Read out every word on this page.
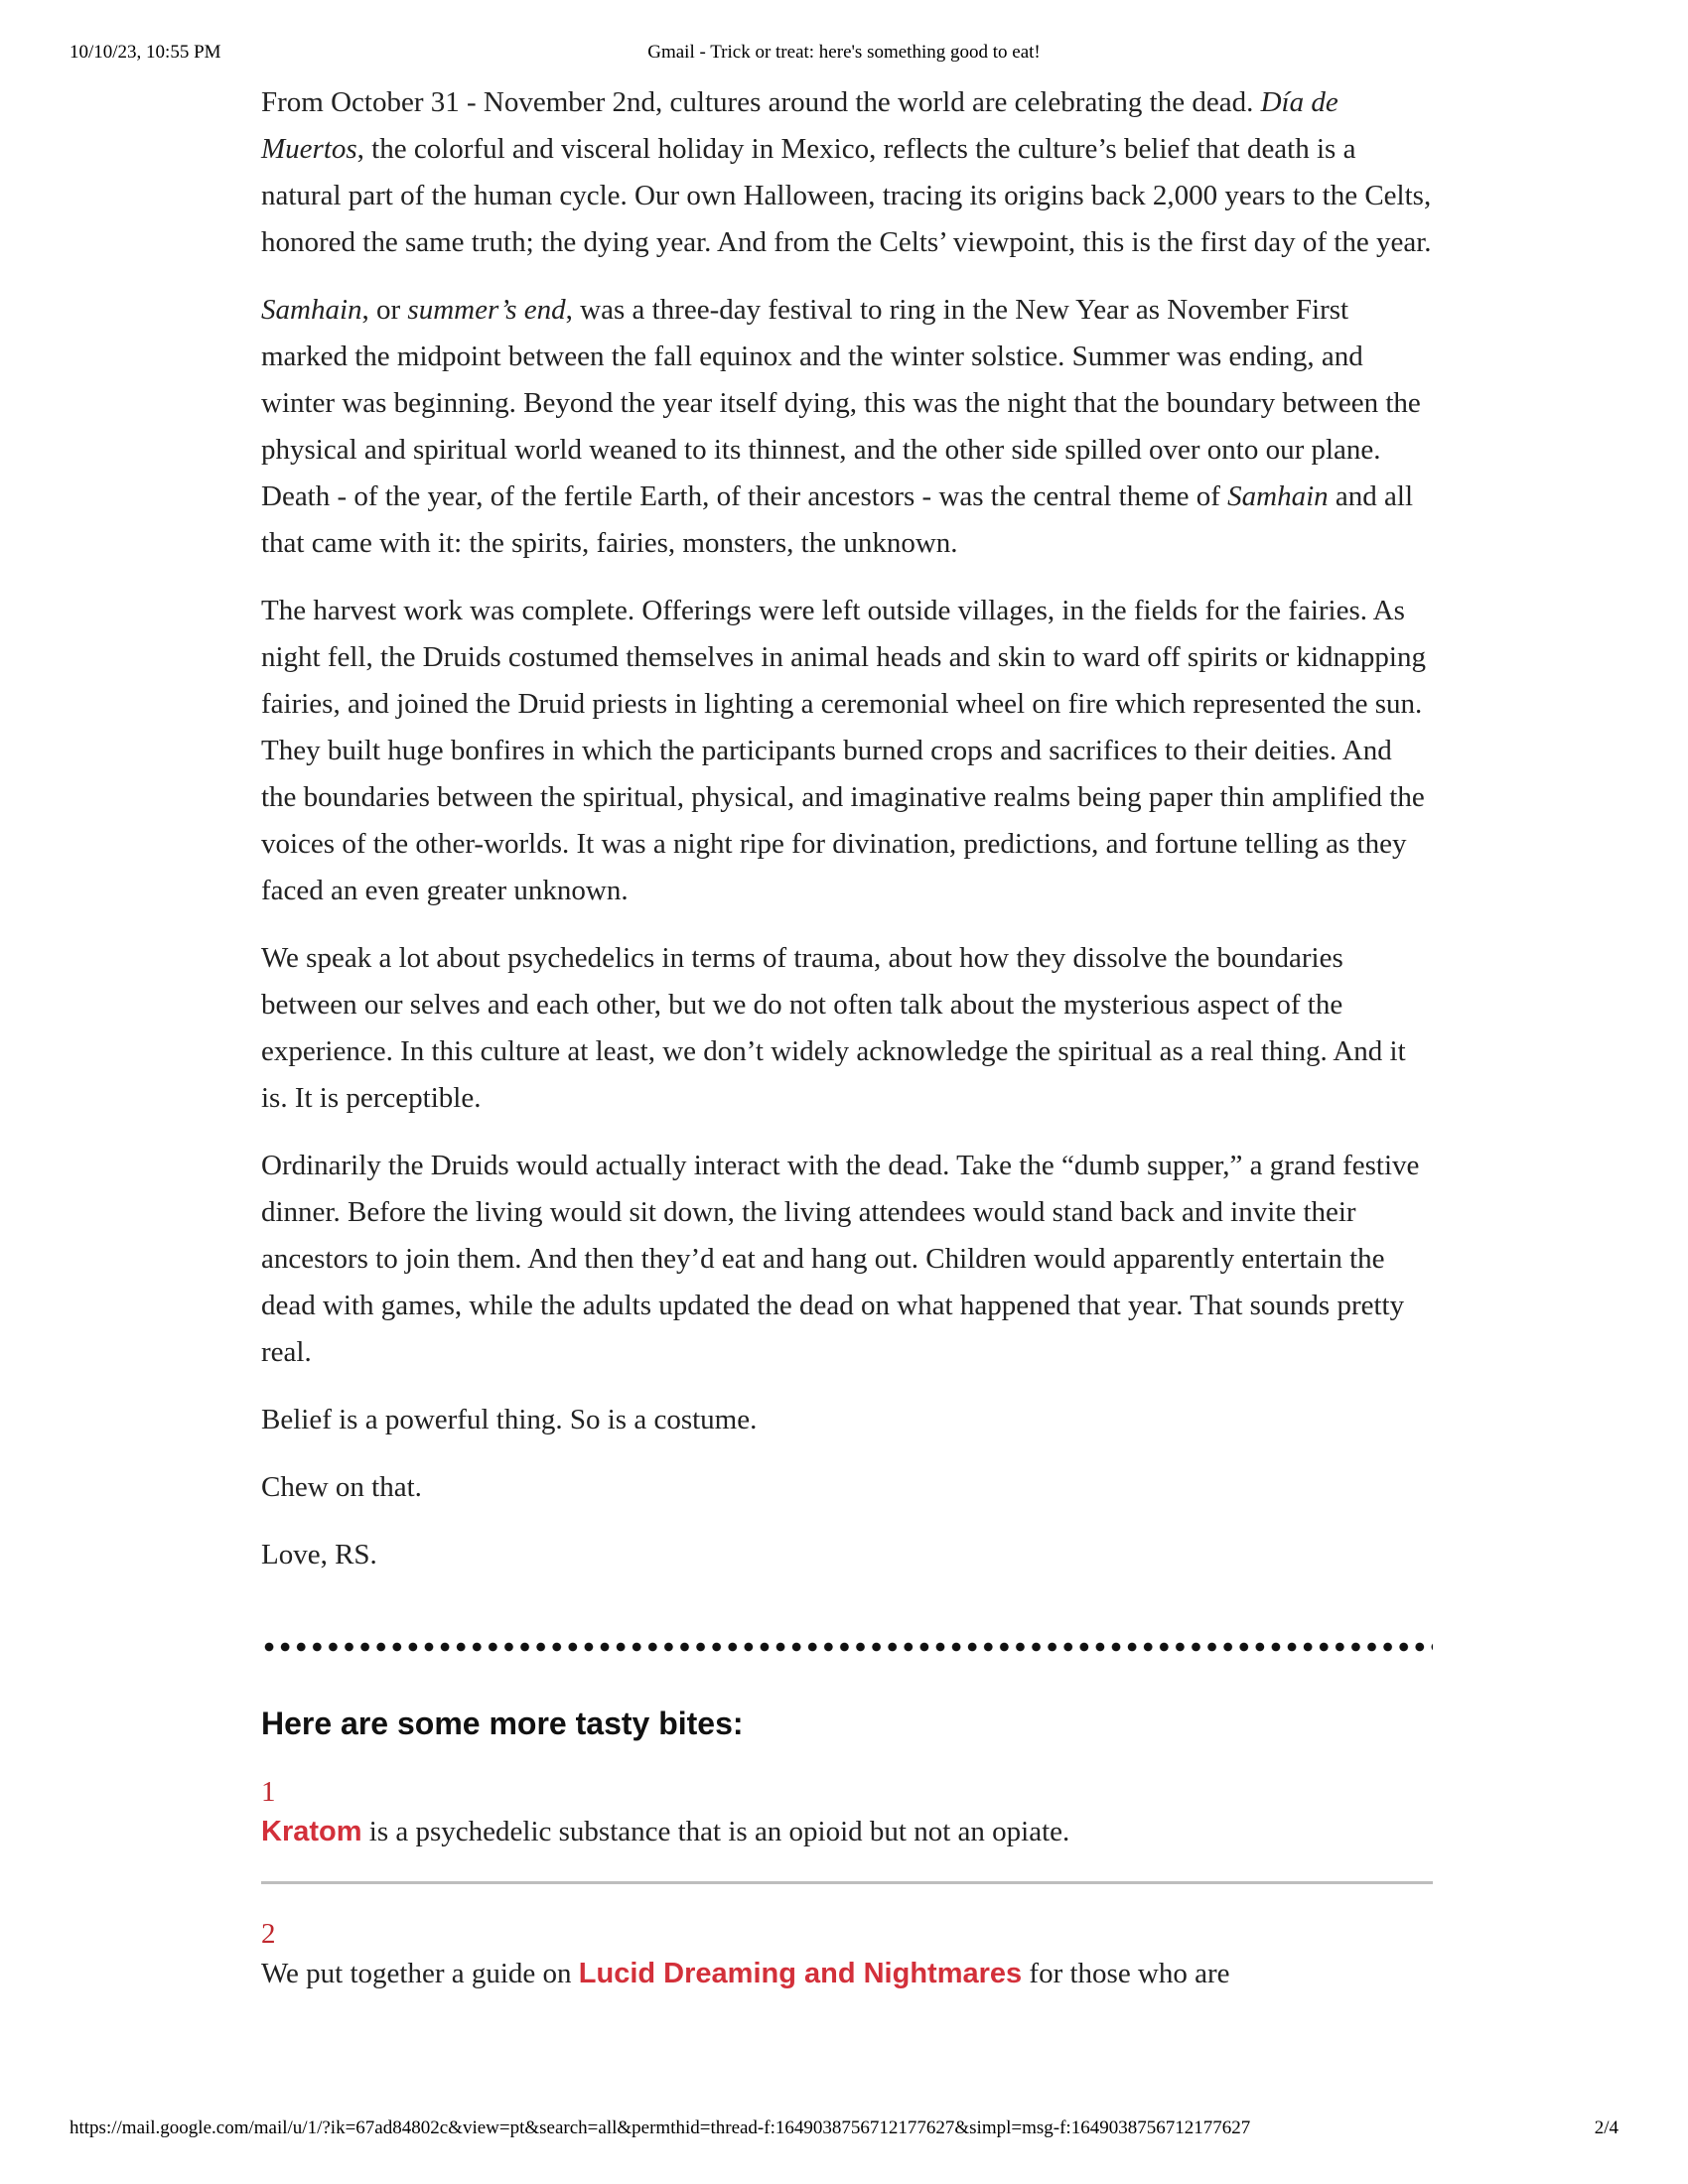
10/10/23, 10:55 PM	Gmail - Trick or treat: here's something good to eat!

From October 31 - November 2nd, cultures around the world are celebrating the dead. Día de Muertos, the colorful and visceral holiday in Mexico, reflects the culture’s belief that death is a natural part of the human cycle. Our own Halloween, tracing its origins back 2,000 years to the Celts, honored the same truth; the dying year. And from the Celts’ viewpoint, this is the first day of the year.

Samhain, or summer’s end, was a three-day festival to ring in the New Year as November First marked the midpoint between the fall equinox and the winter solstice. Summer was ending, and winter was beginning. Beyond the year itself dying, this was the night that the boundary between the physical and spiritual world weaned to its thinnest, and the other side spilled over onto our plane. Death - of the year, of the fertile Earth, of their ancestors - was the central theme of Samhain and all that came with it: the spirits, fairies, monsters, the unknown.

The harvest work was complete. Offerings were left outside villages, in the fields for the fairies. As night fell, the Druids costumed themselves in animal heads and skin to ward off spirits or kidnapping fairies, and joined the Druid priests in lighting a ceremonial wheel on fire which represented the sun. They built huge bonfires in which the participants burned crops and sacrifices to their deities. And the boundaries between the spiritual, physical, and imaginative realms being paper thin amplified the voices of the other-worlds. It was a night ripe for divination, predictions, and fortune telling as they faced an even greater unknown.

We speak a lot about psychedelics in terms of trauma, about how they dissolve the boundaries between our selves and each other, but we do not often talk about the mysterious aspect of the experience. In this culture at least, we don’t widely acknowledge the spiritual as a real thing. And it is. It is perceptible.

Ordinarily the Druids would actually interact with the dead. Take the “dumb supper,” a grand festive dinner. Before the living would sit down, the living attendees would stand back and invite their ancestors to join them. And then they’d eat and hang out. Children would apparently entertain the dead with games, while the adults updated the dead on what happened that year. That sounds pretty real.

Belief is a powerful thing. So is a costume.

Chew on that.

Love, RS.

Here are some more tasty bites:
1
Kratom is a psychedelic substance that is an opioid but not an opiate.
2
We put together a guide on Lucid Dreaming and Nightmares for those who are
https://mail.google.com/mail/u/1/?ik=67ad84802c&view=pt&search=all&permthid=thread-f:1649038756712177627&simpl=msg-f:1649038756712177627	2/4
